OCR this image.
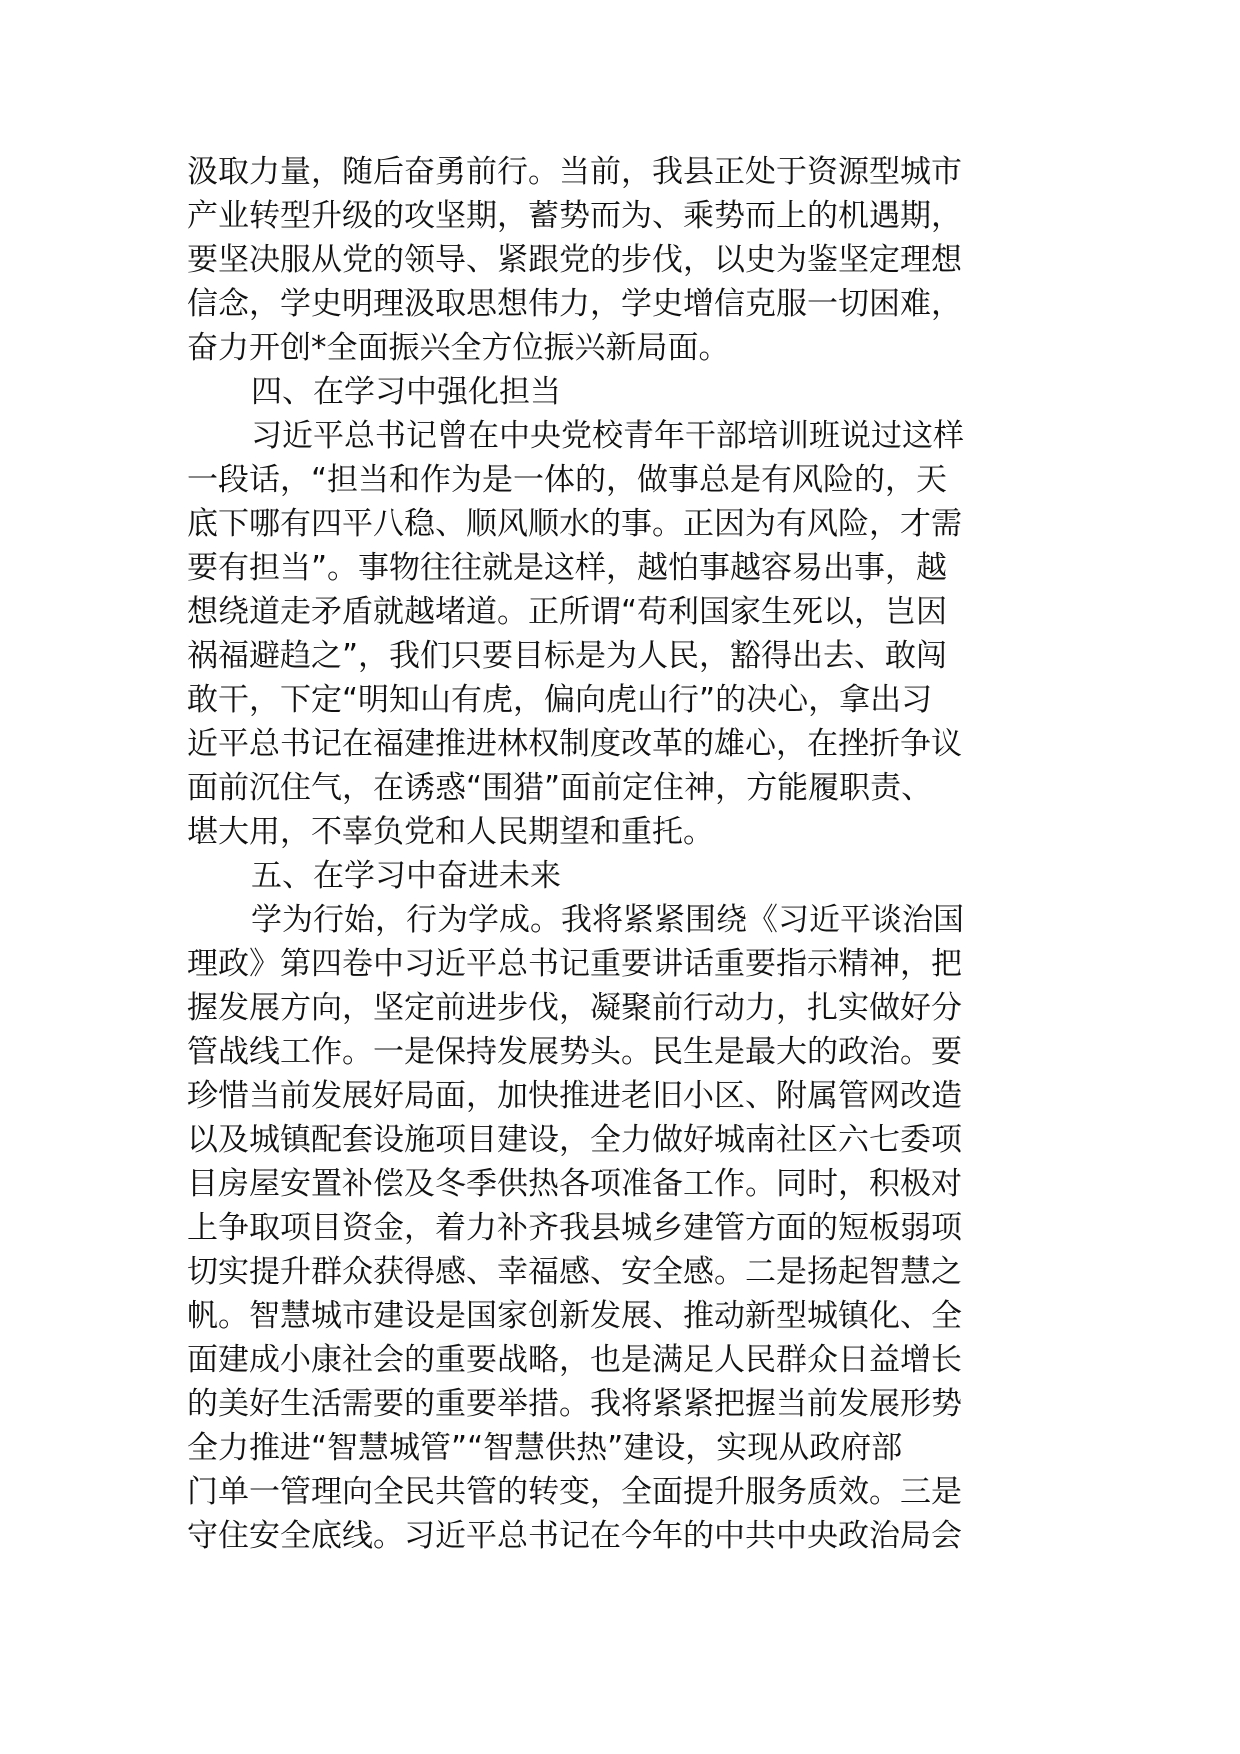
汲取力量，随后奋勇前行。当前，我县正处于资源型城市
产业转型升级的攻坚期，蓄势而为、乘势而上的机遇期，
要坚决服从党的领导、紧跟党的步伐，以史为鉴坚定理想
信念，学史明理汲取思想伟力，学史增信克服一切困难，
奋力开创*全面振兴全方位振兴新局面。
四、在学习中强化担当
习近平总书记曾在中央党校青年干部培训班说过这样
一段话，“担当和作为是一体的，做事总是有风险的，天
底下哪有四平八稳、顺风顺水的事。正因为有风险，才需
要有担当”。事物往往就是这样，越怕事越容易出事，越
想绕道走矛盾就越堵道。正所谓“苟利国家生死以，岂因
祸福避趋之”，我们只要目标是为人民，豁得出去、敢闯
敢干，下定“明知山有虎，偏向虎山行”的决心，拿出习
近平总书记在福建推进林权制度改革的雄心，在挫折争议
面前沉住气，在诱惑“围猎”面前定住神，方能履职责、
堪大用，不辜负党和人民期望和重托。
五、在学习中奋进未来
学为行始，行为学成。我将紧紧围绕《习近平谈治国
理政》第四卷中习近平总书记重要讲话重要指示精神，把
握发展方向，坚定前进步伐，凝聚前行动力，扎实做好分
管战线工作。一是保持发展势头。民生是最大的政治。要
珍惜当前发展好局面，加快推进老旧小区、附属管网改造
以及城镇配套设施项目建设，全力做好城南社区六七委项
目房屋安置补偿及冬季供热各项准备工作。同时，积极对
上争取项目资金，着力补齐我县城乡建管方面的短板弱项
切实提升群众获得感、幸福感、安全感。二是扬起智慧之
帆。智慧城市建设是国家创新发展、推动新型城镇化、全
面建成小康社会的重要战略，也是满足人民群众日益增长
的美好生活需要的重要举措。我将紧紧把握当前发展形势
全力推进“智慧城管”“智慧供热”建设，实现从政府部
门单一管理向全民共管的转变，全面提升服务质效。三是
守住安全底线。习近平总书记在今年的中共中央政治局会
